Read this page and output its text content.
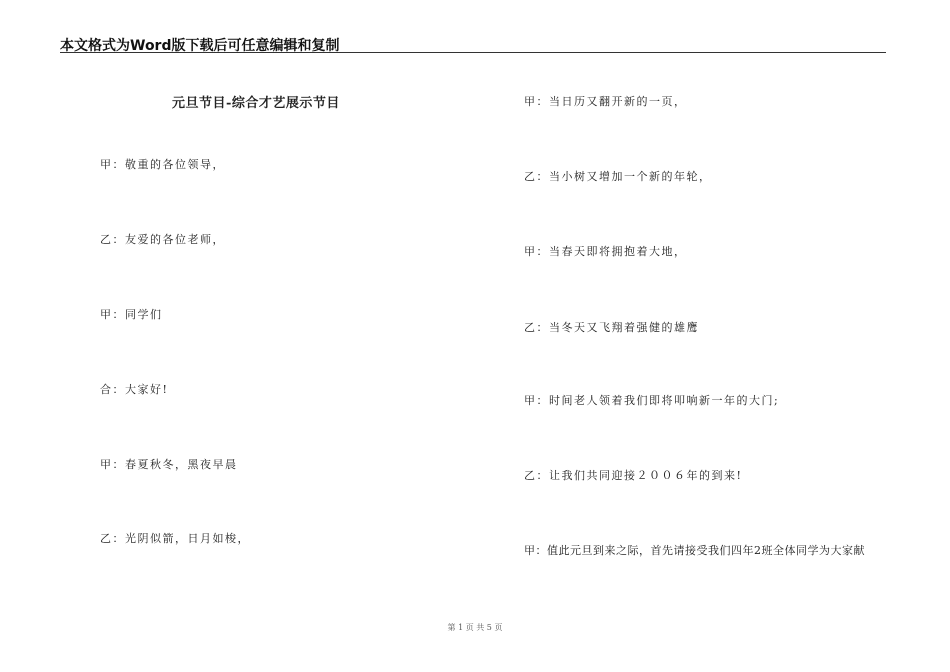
本文格式为Word版下载后可任意编辑和复制
元旦节目-综合才艺展示节目
甲：敬重的各位领导，
乙：友爱的各位老师，
甲：同学们
合：大家好!
甲：春夏秋冬，黑夜早晨
乙：光阴似箭，日月如梭，
甲：当日历又翻开新的一页，
乙：当小树又增加一个新的年轮，
甲：当春天即将拥抱着大地，
乙：当冬天又飞翔着强健的雄鹰
甲：时间老人领着我们即将叩响新一年的大门;
乙：让我们共同迎接２００６年的到来!
甲：值此元旦到来之际，首先请接受我们四年2班全体同学为大家献
第 1 页 共 5 页
